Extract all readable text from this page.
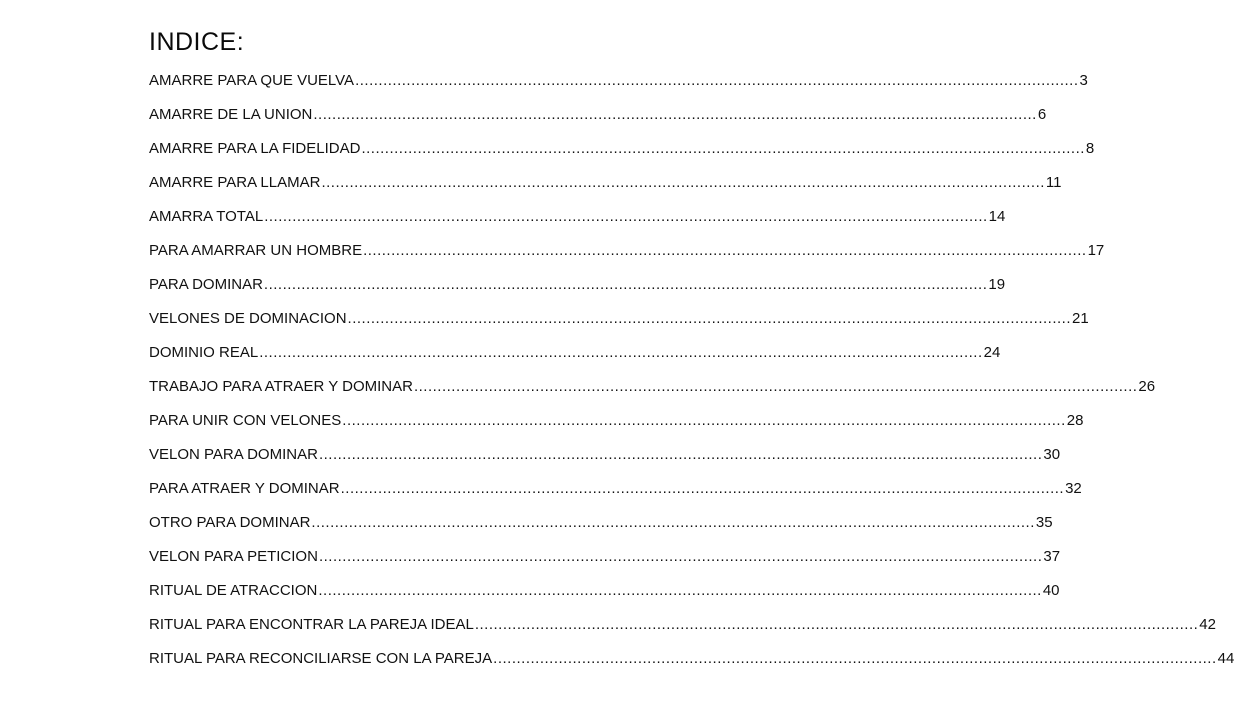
INDICE:
AMARRE PARA QUE VUELVA ........................................................................................................................................................... 3
AMARRE DE LA UNION ........................................................................................................................................................... 6
AMARRE PARA LA FIDELIDAD ........................................................................................................................................................... 8
AMARRE PARA LLAMAR ........................................................................................................................................................... 11
AMARRA TOTAL ........................................................................................................................................................... 14
PARA AMARRAR UN HOMBRE ........................................................................................................................................................... 17
PARA DOMINAR ........................................................................................................................................................... 19
VELONES DE DOMINACION ........................................................................................................................................................... 21
DOMINIO REAL ........................................................................................................................................................... 24
TRABAJO PARA ATRAER Y DOMINAR ........................................................................................................................................................... 26
PARA UNIR CON VELONES ........................................................................................................................................................... 28
VELON PARA DOMINAR ........................................................................................................................................................... 30
PARA ATRAER Y DOMINAR ........................................................................................................................................................... 32
OTRO PARA DOMINAR ........................................................................................................................................................... 35
VELON PARA PETICION ........................................................................................................................................................... 37
RITUAL DE ATRACCION ........................................................................................................................................................... 40
RITUAL PARA ENCONTRAR LA PAREJA IDEAL ........................................................................................................................................................... 42
RITUAL PARA RECONCILIARSE CON LA PAREJA ........................................................................................................................................................... 44
